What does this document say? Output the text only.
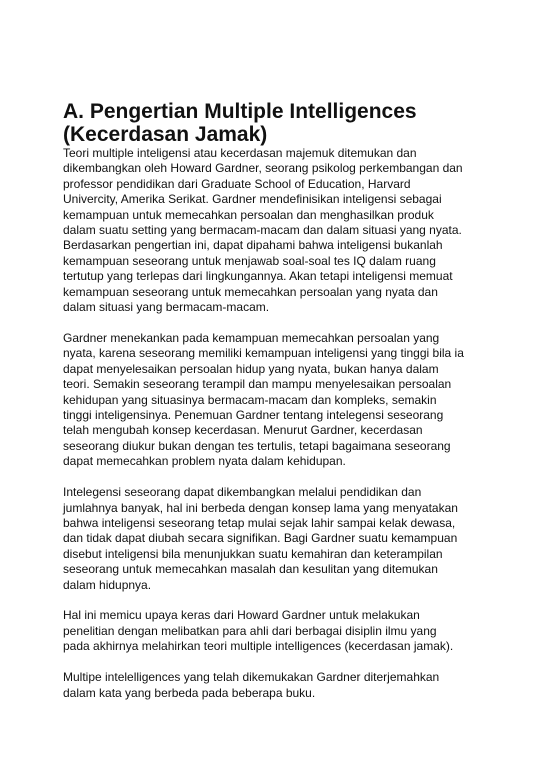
A. Pengertian Multiple Intelligences
(Kecerdasan Jamak)

Teori multiple inteligensi atau kecerdasan majemuk ditemukan dan
dikembangkan oleh Howard Gardner, seorang psikolog perkembangan dan
professor pendidikan dari Graduate School of Education, Harvard
Univercity, Amerika Serikat. Gardner mendefinisikan inteligensi sebagai
kemampuan untuk memecahkan persoalan dan menghasilkan produk
dalam suatu setting yang bermacam-macam dan dalam situasi yang nyata.
Berdasarkan pengertian ini, dapat dipahami bahwa inteligensi bukanlah
kemampuan seseorang untuk menjawab soal-soal tes IQ dalam ruang
tertutup yang terlepas dari lingkungannya. Akan tetapi inteligensi memuat
kemampuan seseorang untuk memecahkan persoalan yang nyata dan
dalam situasi yang bermacam-macam.

Gardner menekankan pada kemampuan memecahkan persoalan yang
nyata, karena seseorang memiliki kemampuan inteligensi yang tinggi bila ia
dapat menyelesaikan persoalan hidup yang nyata, bukan hanya dalam
teori. Semakin seseorang terampil dan mampu menyelesaikan persoalan
kehidupan yang situasinya bermacam-macam dan kompleks, semakin
tinggi inteligensinya. Penemuan Gardner tentang intelegensi seseorang
telah mengubah konsep kecerdasan. Menurut Gardner, kecerdasan
seseorang diukur bukan dengan tes tertulis, tetapi bagaimana seseorang
dapat memecahkan problem nyata dalam kehidupan.

Intelegensi seseorang dapat dikembangkan melalui pendidikan dan
jumlahnya banyak, hal ini berbeda dengan konsep lama yang menyatakan
bahwa inteligensi seseorang tetap mulai sejak lahir sampai kelak dewasa,
dan tidak dapat diubah secara signifikan. Bagi Gardner suatu kemampuan
disebut inteligensi bila menunjukkan suatu kemahiran dan keterampilan
seseorang untuk memecahkan masalah dan kesulitan yang ditemukan
dalam hidupnya.

Hal ini memicu upaya keras dari Howard Gardner untuk melakukan
penelitian dengan melibatkan para ahli dari berbagai disiplin ilmu yang
pada akhirnya melahirkan teori multiple intelligences (kecerdasan jamak).

Multipe intelelligences yang telah dikemukakan Gardner diterjemahkan
dalam kata yang berbeda pada beberapa buku.
